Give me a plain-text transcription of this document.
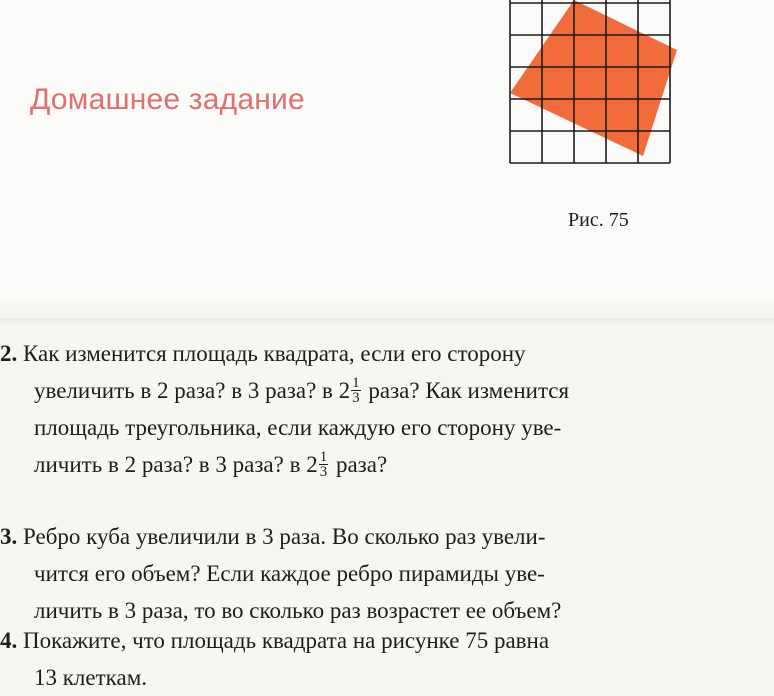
Домашнее задание
Рис. 75
2. Как изменится площадь квадрата, если его сторону
увеличить в 2 раза? в 3 раза? в $2 \frac{1}{3}$ раза? Как изменится
площадь треугольника, если каждую его сторону уве-
личить в 2 раза? в 3 раза? в $2 \frac{1}{3}$ раза?
3. Ребро куба увеличили в 3 раза. Во сколько раз увели-
чится его объем? Если каждое ребро пирамиды уве-
личить в 3 раза, то во сколько раз возрастет ее объем?
4. Покажите, что площадь квадрата на рисунке 75 равна
13 клеткам.
